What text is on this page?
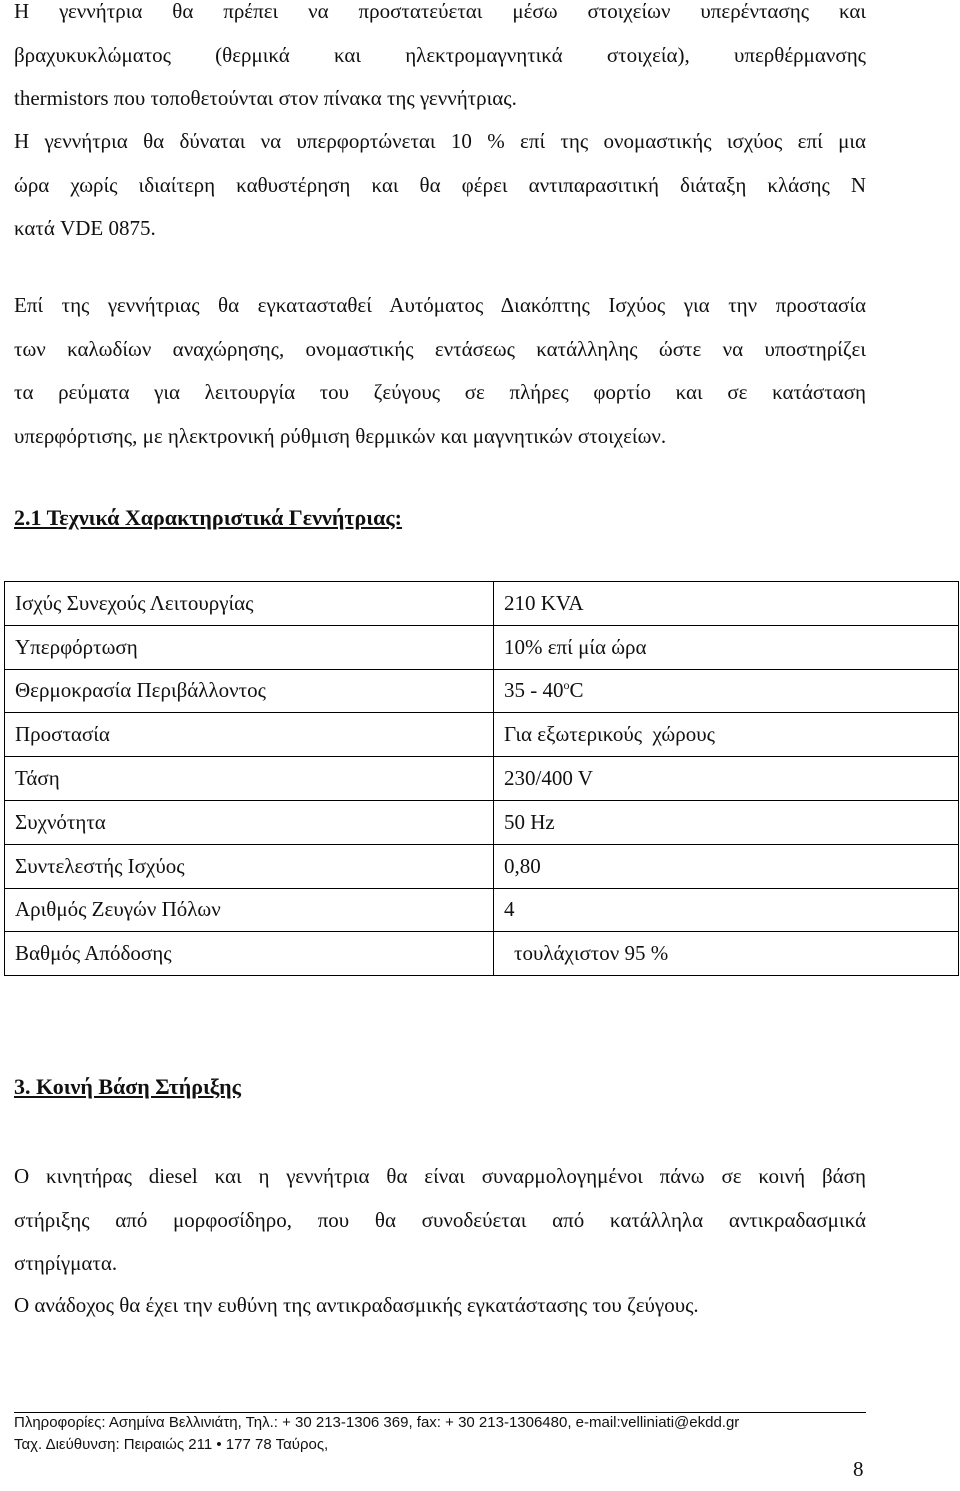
Η γεννήτρια θα πρέπει να προστατεύεται μέσω στοιχείων υπερέντασης και
βραχυκυκλώματος (θερμικά και ηλεκτρομαγνητικά στοιχεία), υπερθέρμανσης
thermistors που τοποθετούνται στον πίνακα της γεννήτριας.
Η γεννήτρια θα δύναται να υπερφορτώνεται 10 % επί της ονομαστικής ισχύος επί μια
ώρα χωρίς ιδιαίτερη καθυστέρηση και θα φέρει αντιπαρασιτική διάταξη κλάσης Ν
κατά VDE 0875.
Επί της γεννήτριας θα εγκατασταθεί Αυτόματος Διακόπτης Ισχύος για την προστασία
των καλωδίων αναχώρησης, ονομαστικής εντάσεως κατάλληλης ώστε να υποστηρίζει
τα ρεύματα για λειτουργία του ζεύγους σε πλήρες φορτίο και σε κατάσταση
υπερφόρτισης, με ηλεκτρονική ρύθμιση θερμικών και μαγνητικών στοιχείων.
2.1 Τεχνικά Χαρακτηριστικά Γεννήτριας:
Ισχύς Συνεχούς Λειτουργίας	210 KVA
Υπερφόρτωση	10% επί μία ώρα
Θερμοκρασία Περιβάλλοντος	35 - 40$^o$C
Προστασία	Για εξωτερικούς  χώρους
Τάση	230/400 V
Συχνότητα	50 Hz
Συντελεστής Ισχύος	0,80
Αριθμός Ζευγών Πόλων	4
Βαθμός Απόδοσης	τουλάχιστον 95 %
3. Κοινή Βάση Στήριξης
Ο κινητήρας diesel και η γεννήτρια θα είναι συναρμολογημένοι πάνω σε κοινή βάση
στήριξης από μορφοσίδηρο, που θα συνοδεύεται από κατάλληλα αντικραδασμικά
στηρίγματα.
Ο ανάδοχος θα έχει την ευθύνη της αντικραδασμικής εγκατάστασης του ζεύγους.
Πληροφορίες: Ασημίνα Βελλινιάτη, Τηλ.: + 30 213-1306 369, fax: + 30 213-1306480, e-mail:velliniati@ekdd.gr
Ταχ. Διεύθυνση: Πειραιώς 211 • 177 78 Ταύρος,
8
